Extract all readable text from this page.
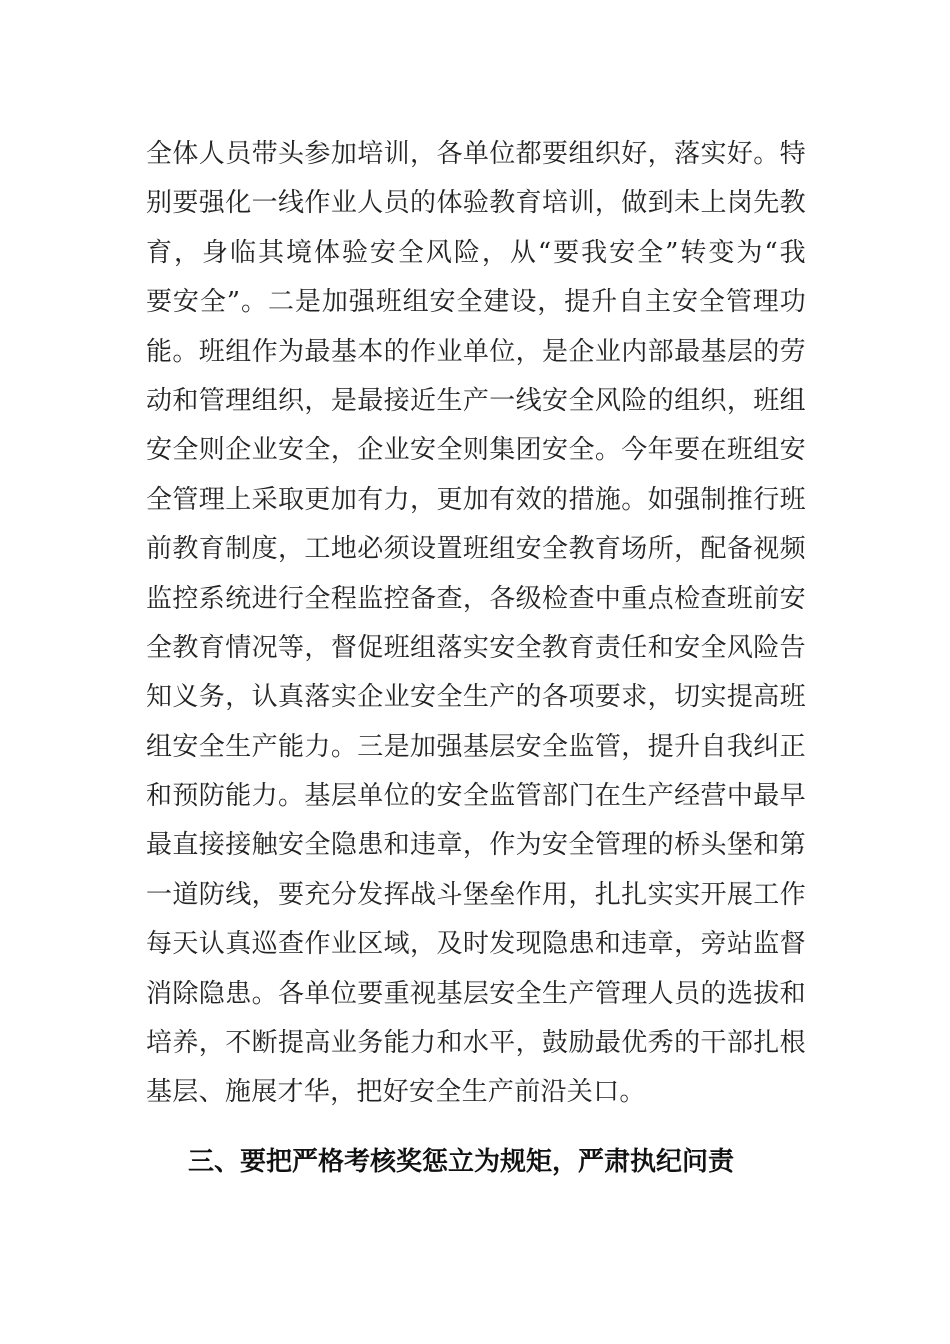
全体人员带头参加培训，各单位都要组织好，落实好。特
别要强化一线作业人员的体验教育培训，做到未上岗先教
育，身临其境体验安全风险，从“要我安全”转变为“我
要安全”。二是加强班组安全建设，提升自主安全管理功
能。班组作为最基本的作业单位，是企业内部最基层的劳
动和管理组织，是最接近生产一线安全风险的组织，班组
安全则企业安全，企业安全则集团安全。今年要在班组安
全管理上采取更加有力，更加有效的措施。如强制推行班
前教育制度，工地必须设置班组安全教育场所，配备视频
监控系统进行全程监控备查，各级检查中重点检查班前安
全教育情况等，督促班组落实安全教育责任和安全风险告
知义务，认真落实企业安全生产的各项要求，切实提高班
组安全生产能力。三是加强基层安全监管，提升自我纠正
和预防能力。基层单位的安全监管部门在生产经营中最早
最直接接触安全隐患和违章，作为安全管理的桥头堡和第
一道防线，要充分发挥战斗堡垒作用，扎扎实实开展工作
每天认真巡查作业区域，及时发现隐患和违章，旁站监督
消除隐患。各单位要重视基层安全生产管理人员的选拔和
培养，不断提高业务能力和水平，鼓励最优秀的干部扎根
基层、施展才华，把好安全生产前沿关口。
三、要把严格考核奖惩立为规矩，严肃执纪问责
